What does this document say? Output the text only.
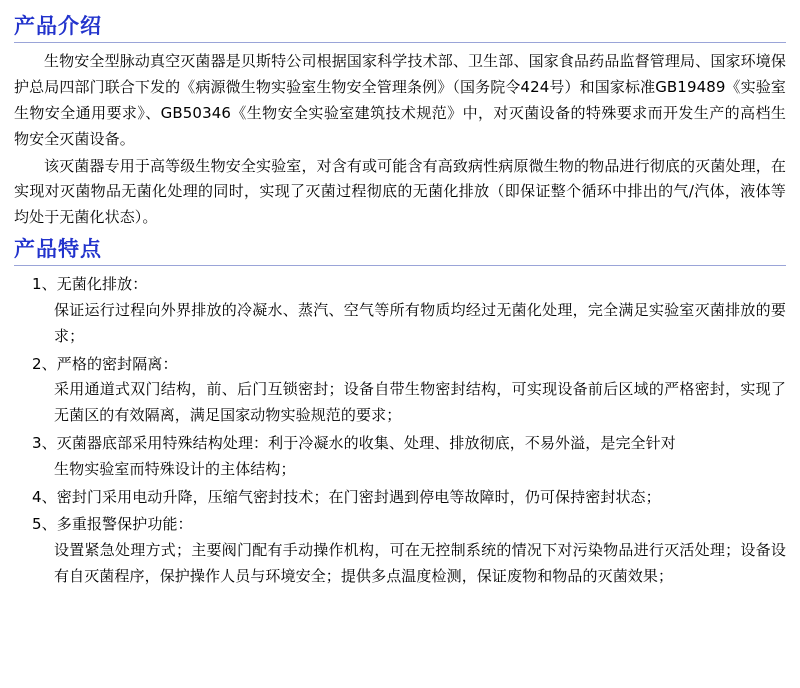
产品介绍

生物安全型脉动真空灭菌器是贝斯特公司根据国家科学技术部、卫生部、国家食品药品监督管理局、国家环境保护总局四部门联合下发的《病源微生物实验室生物安全管理条例》（国务院令424号）和国家标准GB19489《实验室生物安全通用要求》、GB50346《生物安全实验室建筑技术规范》中，对灭菌设备的特殊要求而开发生产的高档生物安全灭菌设备。

该灭菌器专用于高等级生物安全实验室，对含有或可能含有高致病性病原微生物的物品进行彻底的灭菌处理，在实现对灭菌物品无菌化处理的同时，实现了灭菌过程彻底的无菌化排放（即保证整个循环中排出的气/汽体，液体等均处于无菌化状态）。

产品特点
1、无菌化排放：
保证运行过程向外界排放的冷凝水、蒸汽、空气等所有物质均经过无菌化处理，完全满足实验室灭菌排放的要求；
2、严格的密封隔离：
采用通道式双门结构，前、后门互锁密封；设备自带生物密封结构，可实现设备前后区域的严格密封，实现了无菌区的有效隔离，满足国家动物实验规范的要求；
3、灭菌器底部采用特殊结构处理：利于冷凝水的收集、处理、排放彻底，不易外溢，是完全针对
生物实验室而特殊设计的主体结构；
4、密封门采用电动升降，压缩气密封技术；在门密封遇到停电等故障时，仍可保持密封状态；
5、多重报警保护功能：
设置紧急处理方式；主要阀门配有手动操作机构，可在无控制系统的情况下对污染物品进行灭活处理；设备设有自灭菌程序，保护操作人员与环境安全；提供多点温度检测，保证废物和物品的灭菌效果；
